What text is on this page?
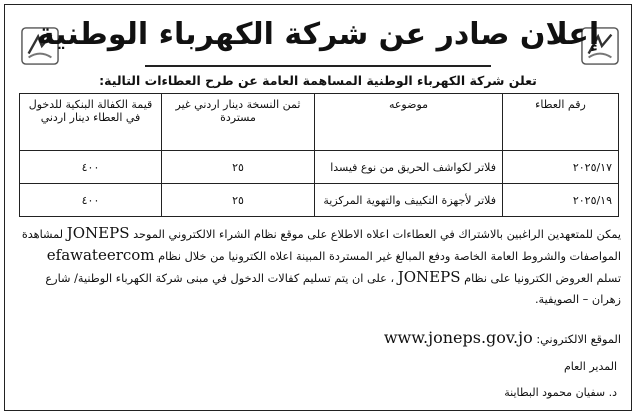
إعلان صادر عن شركة الكهرباء الوطنية
تعلن شركة الكهرباء الوطنية المساهمة العامة عن طرح العطاءات التالية:
رقم العطاء	موضوعه	ثمن النسخة دينار اردني غير مستردة	قيمة الكفالة البنكية للدخول في العطاء دينار اردني
٢٠٢٥/١٧	فلاتر لكواشف الحريق من نوع فيسدا	٢٥	٤٠٠
٢٠٢٥/١٩	فلاتر لأجهزة التكييف والتهوية المركزية	٢٥	٤٠٠
يمكن للمتعهدين الراغبين بالاشتراك في العطاءات اعلاه الاطلاع على موقع نظام الشراء الالكتروني الموحد JONEPS لمشاهدة المواصفات والشروط العامة الخاصة ودفع المبالغ غير المستردة المبينة اعلاه الكترونيا من خلال نظام efawateercom
تسلم العروض الكترونيا على نظام JONEPS ، على ان يتم تسليم كفالات الدخول في مبنى شركة الكهرباء الوطنية/ شارع زهران – الصويفية.
الموقع الالكتروني: www.joneps.gov.jo
المدير العام
د. سفيان محمود البطاينة
